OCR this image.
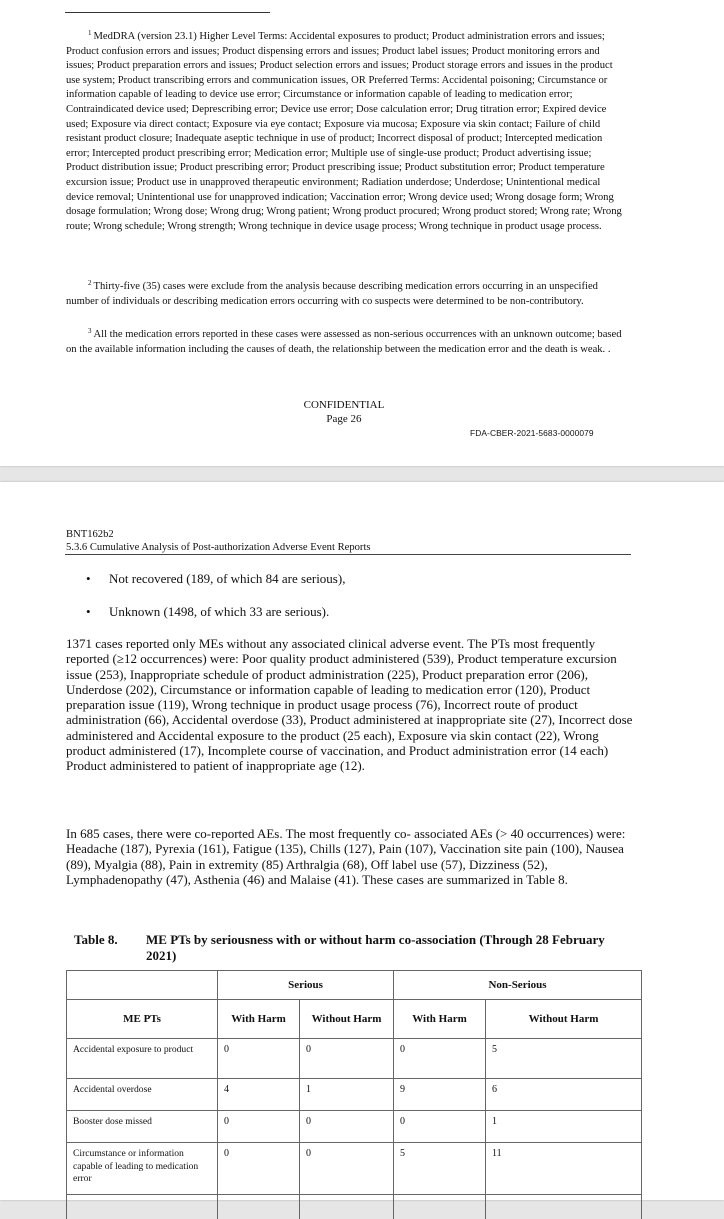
$^1$ MedDRA (version 23.1) Higher Level Terms: Accidental exposures to product; Product administration errors and issues; Product confusion errors and issues; Product dispensing errors and issues; Product label issues; Product monitoring errors and issues; Product preparation errors and issues; Product selection errors and issues; Product storage errors and issues in the product use system; Product transcribing errors and communication issues, OR Preferred Terms: Accidental poisoning; Circumstance or information capable of leading to device use error; Circumstance or information capable of leading to medication error; Contraindicated device used; Deprescribing error; Device use error; Dose calculation error; Drug titration error; Expired device used; Exposure via direct contact; Exposure via eye contact; Exposure via mucosa; Exposure via skin contact; Failure of child resistant product closure; Inadequate aseptic technique in use of product; Incorrect disposal of product; Intercepted medication error; Intercepted product prescribing error; Medication error; Multiple use of single-use product; Product advertising issue; Product distribution issue; Product prescribing error; Product prescribing issue; Product substitution error; Product temperature excursion issue; Product use in unapproved therapeutic environment; Radiation underdose; Underdose; Unintentional medical device removal; Unintentional use for unapproved indication; Vaccination error; Wrong device used; Wrong dosage form; Wrong dosage formulation; Wrong dose; Wrong drug; Wrong patient; Wrong product procured; Wrong product stored; Wrong rate; Wrong route; Wrong schedule; Wrong strength; Wrong technique in device usage process; Wrong technique in product usage process.

$^2$ Thirty-five (35) cases were exclude from the analysis because describing medication errors occurring in an unspecified number of individuals or describing medication errors occurring with co suspects were determined to be non-contributory.

$^3$ All the medication errors reported in these cases were assessed as non-serious occurrences with an unknown outcome; based on the available information including the causes of death, the relationship between the medication error and the death is weak. .

CONFIDENTIAL
Page 26
FDA-CBER-2021-5683-0000079
BNT162b2
5.3.6 Cumulative Analysis of Post-authorization Adverse Event Reports
• Not recovered (189, of which 84 are serious),
• Unknown (1498, of which 33 are serious).

1371 cases reported only MEs without any associated clinical adverse event. The PTs most frequently reported (≥12 occurrences) were: Poor quality product administered (539), Product temperature excursion issue (253), Inappropriate schedule of product administration (225), Product preparation error (206), Underdose (202), Circumstance or information capable of leading to medication error (120), Product preparation issue (119), Wrong technique in product usage process (76), Incorrect route of product administration (66), Accidental overdose (33), Product administered at inappropriate site (27), Incorrect dose administered and Accidental exposure to the product (25 each), Exposure via skin contact (22), Wrong product administered (17), Incomplete course of vaccination, and Product administration error (14 each) Product administered to patient of inappropriate age (12).

In 685 cases, there were co-reported AEs. The most frequently co- associated AEs (> 40 occurrences) were: Headache (187), Pyrexia (161), Fatigue (135), Chills (127), Pain (107), Vaccination site pain (100), Nausea (89), Myalgia (88), Pain in extremity (85) Arthralgia (68), Off label use (57), Dizziness (52), Lymphadenopathy (47), Asthenia (46) and Malaise (41). These cases are summarized in Table 8.

Table 8. ME PTs by seriousness with or without harm co-association (Through 28 February 2021)
	Serious		Non-Serious	
ME PTs	With Harm	Without Harm	With Harm	Without Harm
Accidental exposure to product	0	0	0	5
Accidental overdose	4	1	9	6
Booster dose missed	0	0	0	1
Circumstance or information capable of leading to medication error	0	0	5	11
